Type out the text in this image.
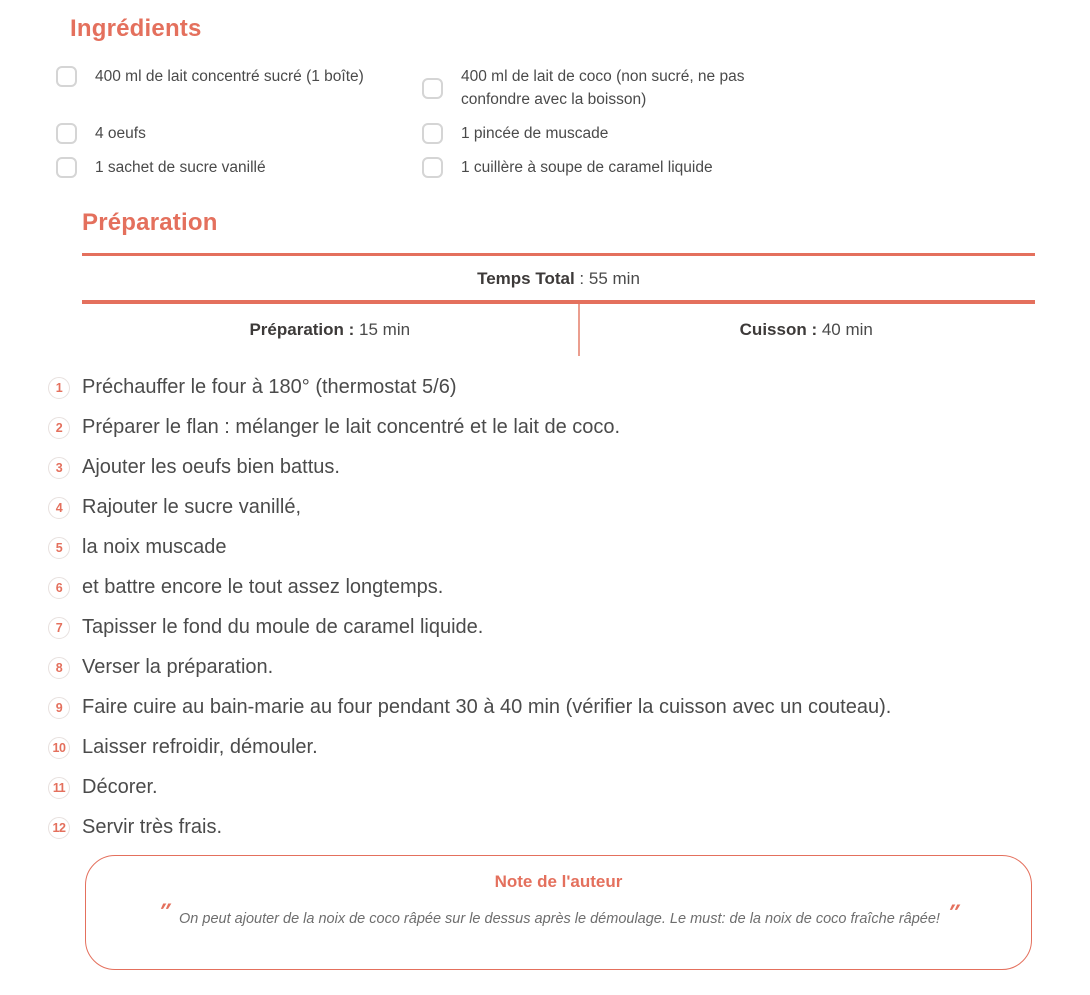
Ingrédients
400 ml de lait concentré sucré (1 boîte)	400 ml de lait de coco (non sucré, ne pas confondre avec la boisson)
4 oeufs	1 pincée de muscade
1 sachet de sucre vanillé	1 cuillère à soupe de caramel liquide
Préparation
Temps Total : 55 min
Préparation : 15 min	Cuisson : 40 min
1 Préchauffer le four à 180° (thermostat 5/6)
2 Préparer le flan : mélanger le lait concentré et le lait de coco.
3 Ajouter les oeufs bien battus.
4 Rajouter le sucre vanillé,
5 la noix muscade
6 et battre encore le tout assez longtemps.
7 Tapisser le fond du moule de caramel liquide.
8 Verser la préparation.
9 Faire cuire au bain-marie au four pendant 30 à 40 min (vérifier la cuisson avec un couteau).
10 Laisser refroidir, démouler.
11 Décorer.
12 Servir très frais.
Note de l'auteur
″ On peut ajouter de la noix de coco râpée sur le dessus après le démoulage. Le must: de la noix de coco fraîche râpée! ″
